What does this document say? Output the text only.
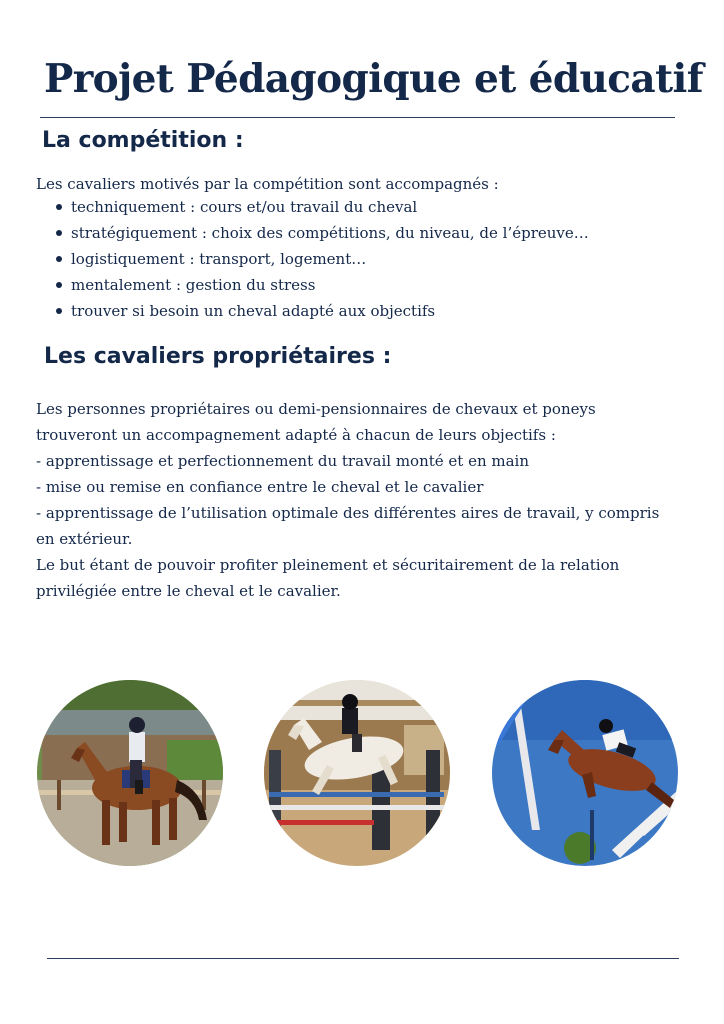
Projet Pédagogique et éducatif
La compétition :

Les cavaliers motivés par la compétition sont accompagnés :

techniquement : cours et/ou travail du cheval
stratégiquement : choix des compétitions, du niveau, de l’épreuve…
logistiquement : transport, logement…
mentalement : gestion du stress
trouver si besoin un cheval adapté aux objectifs
Les cavaliers propriétaires :

Les personnes propriétaires ou demi-pensionnaires de chevaux et poneys

trouveront un accompagnement adapté à chacun de leurs objectifs :

- apprentissage et perfectionnement du travail monté et en main

- mise ou remise en confiance entre le cheval et le cavalier

- apprentissage de l’utilisation optimale des différentes aires de travail, y compris

en extérieur.

Le but étant de pouvoir profiter pleinement et sécuritairement de la relation

privilégiée entre le cheval et le cavalier.
